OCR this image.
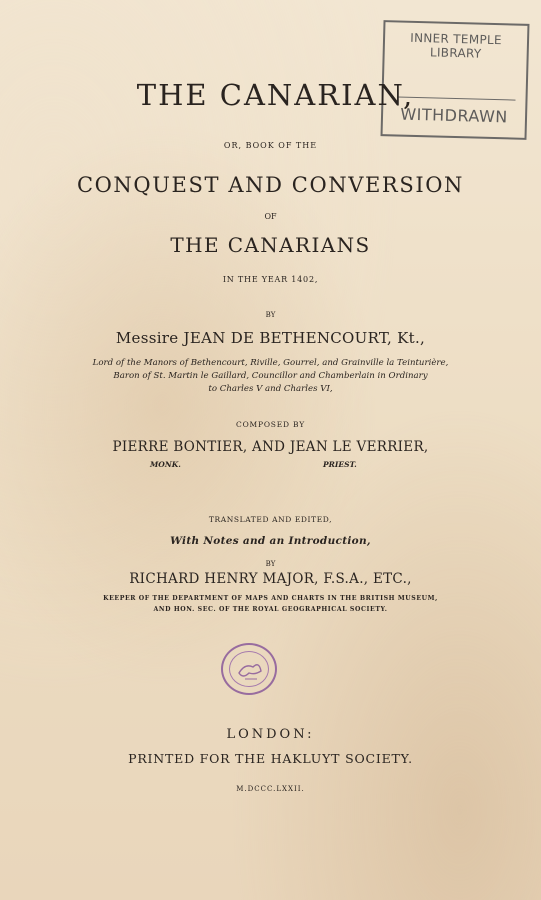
INNER TEMPLE LIBRARY
WITHDRAWN
THE CANARIAN,
OR, BOOK OF THE
CONQUEST AND CONVERSION
OF
THE CANARIANS
IN THE YEAR 1402,
BY
Messire JEAN DE BETHENCOURT, Kt.,
Lord of the Manors of Bethencourt, Riville, Gourrel, and Grainville la Teinturière,
Baron of St. Martin le Gaillard, Councillor and Chamberlain in Ordinary
to Charles V and Charles VI,
COMPOSED BY
PIERRE BONTIER, AND JEAN LE VERRIER,
MONK.	PRIEST.
TRANSLATED AND EDITED,
With Notes and an Introduction,
BY
RICHARD HENRY MAJOR, F.S.A., ETC.,
KEEPER OF THE DEPARTMENT OF MAPS AND CHARTS IN THE BRITISH MUSEUM,
AND HON. SEC. OF THE ROYAL GEOGRAPHICAL SOCIETY.
LONDON:
PRINTED FOR THE HAKLUYT SOCIETY.
M.DCCC.LXXII.
